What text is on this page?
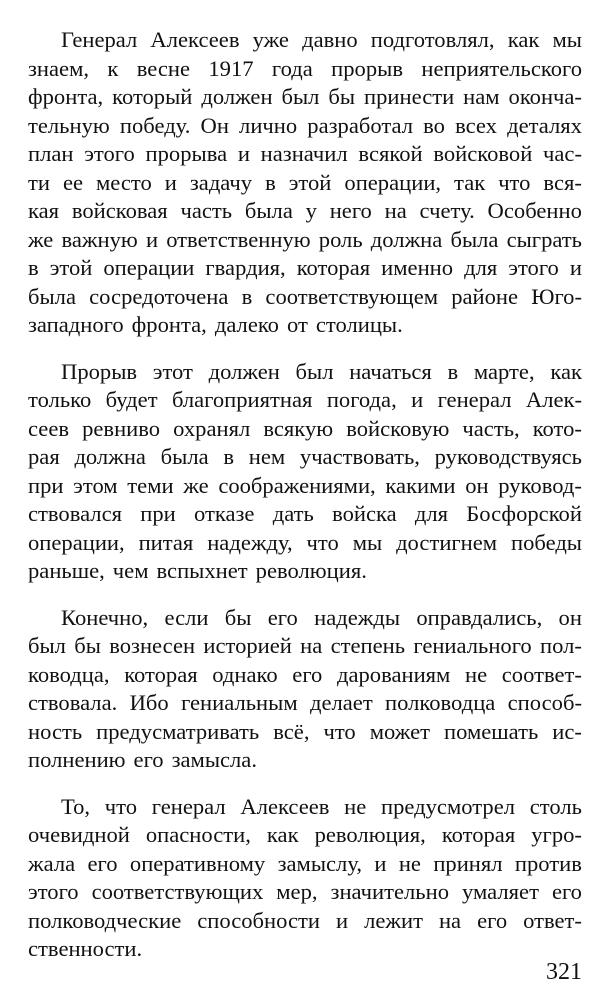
Генерал Алексеев уже давно подготовлял, как мы
знаем, к весне 1917 года прорыв неприятельского
фронта, который должен был бы принести нам оконча-
тельную победу. Он лично разработал во всех деталях
план этого прорыва и назначил всякой войсковой час-
ти ее место и задачу в этой операции, так что вся-
кая войсковая часть была у него на счету. Особенно
же важную и ответственную роль должна была сыграть
в этой операции гвардия, которая именно для этого и
была сосредоточена в соответствующем районе Юго-
западного фронта, далеко от столицы.
Прорыв этот должен был начаться в марте, как
только будет благоприятная погода, и генерал Алек-
сеев ревниво охранял всякую войсковую часть, кото-
рая должна была в нем участвовать, руководствуясь
при этом теми же соображениями, какими он руковод-
ствовался при отказе дать войска для Босфорской
операции, питая надежду, что мы достигнем победы
раньше, чем вспыхнет революция.
Конечно, если бы его надежды оправдались, он
был бы вознесен историей на степень гениального пол-
ководца, которая однако его дарованиям не соответ-
ствовала. Ибо гениальным делает полководца способ-
ность предусматривать всё, что может помешать ис-
полнению его замысла.
То, что генерал Алексеев не предусмотрел столь
очевидной опасности, как революция, которая угро-
жала его оперативному замыслу, и не принял против
этого соответствующих мер, значительно умаляет его
полководческие способности и лежит на его ответ-
ственности.
321
